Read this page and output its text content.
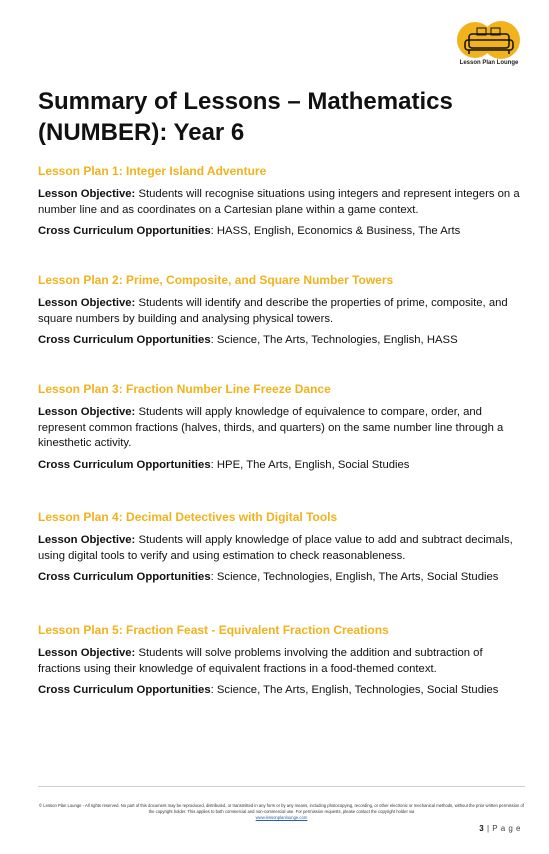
Lesson Plan Lounge
Summary of Lessons – Mathematics (NUMBER): Year 6
Lesson Plan 1: Integer Island Adventure

Lesson Objective: Students will recognise situations using integers and represent integers on a number line and as coordinates on a Cartesian plane within a game context.

Cross Curriculum Opportunities: HASS, English, Economics & Business, The Arts

Lesson Plan 2: Prime, Composite, and Square Number Towers

Lesson Objective: Students will identify and describe the properties of prime, composite, and square numbers by building and analysing physical towers.

Cross Curriculum Opportunities: Science, The Arts, Technologies, English, HASS

Lesson Plan 3: Fraction Number Line Freeze Dance

Lesson Objective: Students will apply knowledge of equivalence to compare, order, and represent common fractions (halves, thirds, and quarters) on the same number line through a kinesthetic activity.

Cross Curriculum Opportunities: HPE, The Arts, English, Social Studies

Lesson Plan 4: Decimal Detectives with Digital Tools

Lesson Objective: Students will apply knowledge of place value to add and subtract decimals, using digital tools to verify and using estimation to check reasonableness.

Cross Curriculum Opportunities: Science, Technologies, English, The Arts, Social Studies

Lesson Plan 5: Fraction Feast - Equivalent Fraction Creations

Lesson Objective: Students will solve problems involving the addition and subtraction of fractions using their knowledge of equivalent fractions in a food-themed context.

Cross Curriculum Opportunities: Science, The Arts, English, Technologies, Social Studies

© Lesson Plan Lounge - All rights reserved. No part of this document may be reproduced, distributed, or transmitted in any form or by any means, including photocopying, recording, or other electronic or mechanical methods, without the prior written permission of the copyright holder. This applies to both commercial and non-commercial use. For permission requests, please contact the copyright holder via
www.lessonplanlounge.com
3 | P a g e
